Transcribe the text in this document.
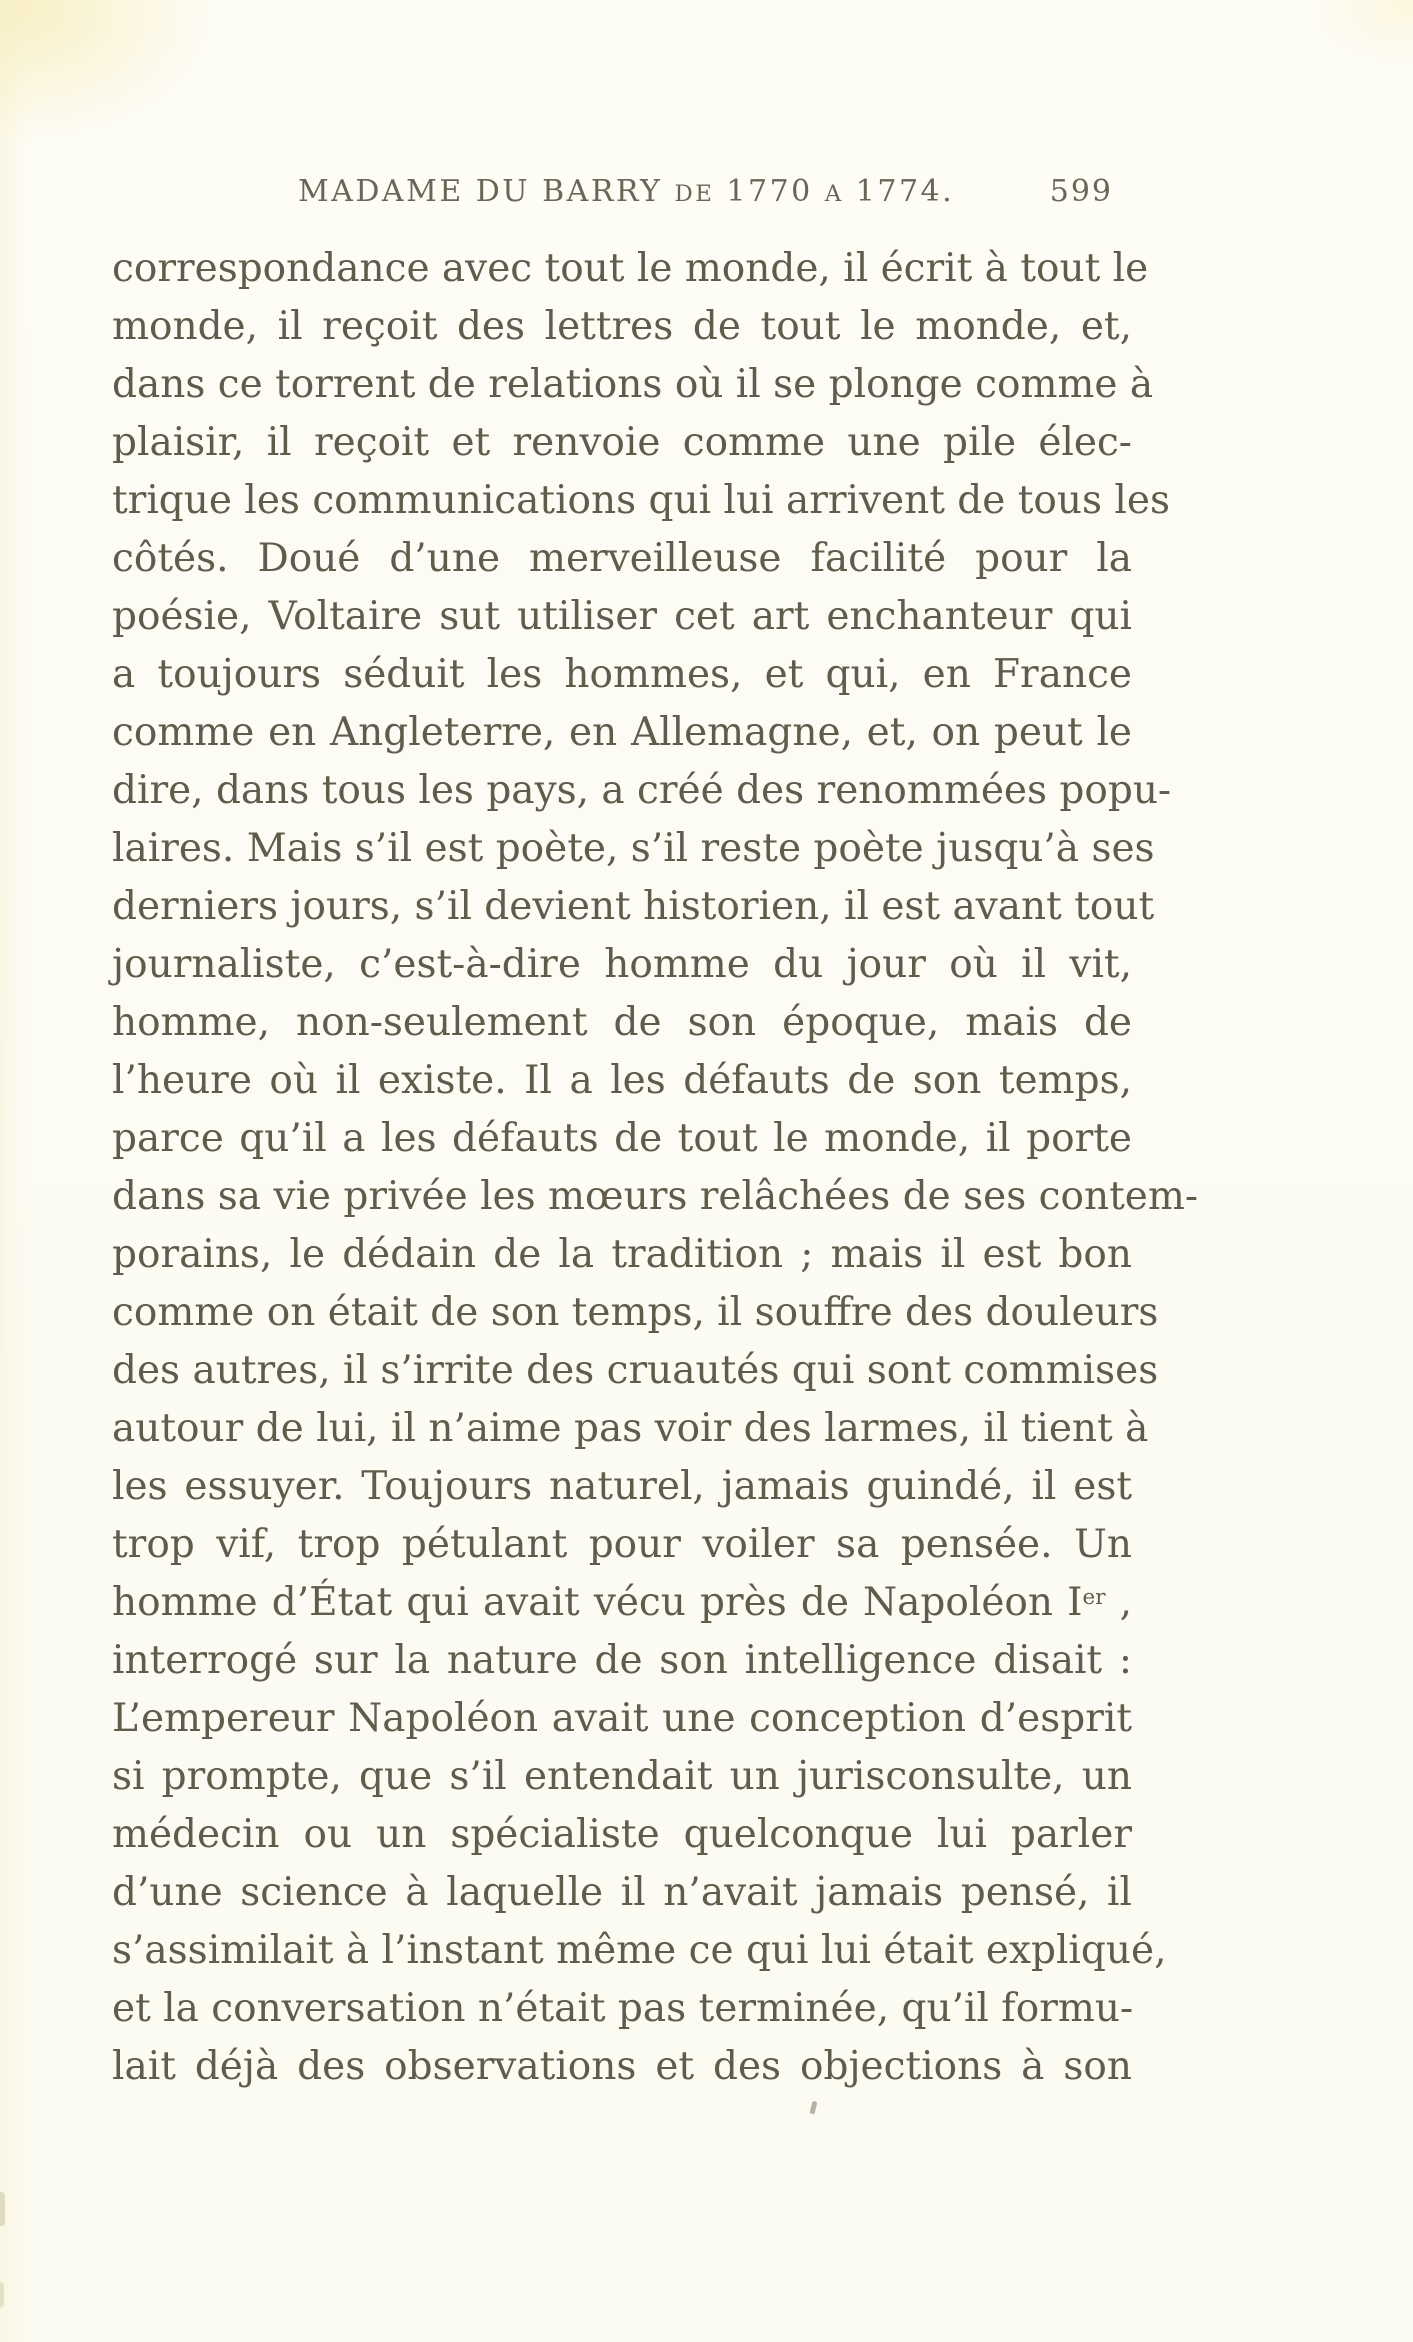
MADAME DU BARRY DE 1770 A 1774.	599
correspondance avec tout le monde, il écrit à tout le
monde, il reçoit des lettres de tout le monde, et,
dans ce torrent de relations où il se plonge comme à
plaisir, il reçoit et renvoie comme une pile élec-
trique les communications qui lui arrivent de tous les
côtés. Doué d’une merveilleuse facilité pour la
poésie, Voltaire sut utiliser cet art enchanteur qui
a toujours séduit les hommes, et qui, en France
comme en Angleterre, en Allemagne, et, on peut le
dire, dans tous les pays, a créé des renommées popu-
laires. Mais s’il est poète, s’il reste poète jusqu’à ses
derniers jours, s’il devient historien, il est avant tout
journaliste, c’est-à-dire homme du jour où il vit,
homme, non-seulement de son époque, mais de
l’heure où il existe. Il a les défauts de son temps,
parce qu’il a les défauts de tout le monde, il porte
dans sa vie privée les mœurs relâchées de ses contem-
porains, le dédain de la tradition ; mais il est bon
comme on était de son temps, il souffre des douleurs
des autres, il s’irrite des cruautés qui sont commises
autour de lui, il n’aime pas voir des larmes, il tient à
les essuyer. Toujours naturel, jamais guindé, il est
trop vif, trop pétulant pour voiler sa pensée. Un
homme d’État qui avait vécu près de Napoléon Ier ,
interrogé sur la nature de son intelligence disait :
L’empereur Napoléon avait une conception d’esprit
si prompte, que s’il entendait un jurisconsulte, un
médecin ou un spécialiste quelconque lui parler
d’une science à laquelle il n’avait jamais pensé, il
s’assimilait à l’instant même ce qui lui était expliqué,
et la conversation n’était pas terminée, qu’il formu-
lait déjà des observations et des objections à son
